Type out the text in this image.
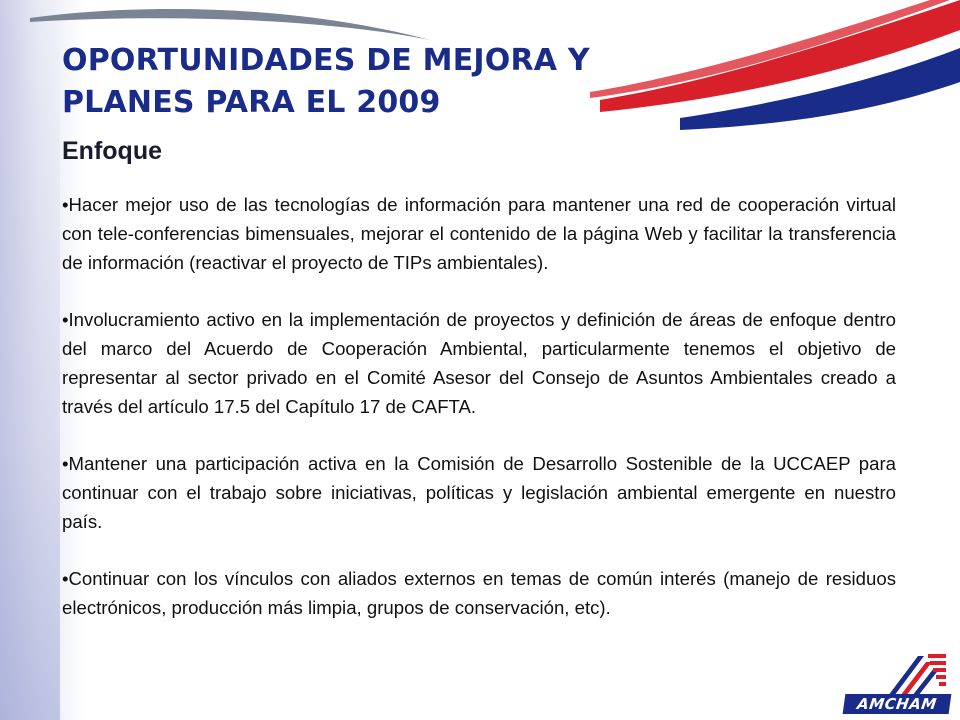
OPORTUNIDADES DE MEJORA Y
PLANES PARA EL 2009
Enfoque

•Hacer mejor uso de las tecnologías de información para mantener una red de cooperación virtual con tele-conferencias bimensuales, mejorar el contenido de la página Web y facilitar la transferencia de información (reactivar el proyecto de TIPs ambientales).

•Involucramiento activo en la implementación de proyectos y definición de áreas de enfoque dentro del marco del Acuerdo de Cooperación Ambiental, particularmente tenemos el objetivo de representar al sector privado en el Comité Asesor del Consejo de Asuntos Ambientales creado a través del artículo 17.5 del Capítulo 17 de CAFTA.

•Mantener una participación activa en la Comisión de Desarrollo Sostenible de la UCCAEP para continuar con el trabajo sobre iniciativas, políticas y legislación ambiental emergente en nuestro país.

•Continuar con los vínculos con aliados externos en temas de común interés (manejo de residuos electrónicos, producción más limpia, grupos de conservación, etc).

AMCHAM
